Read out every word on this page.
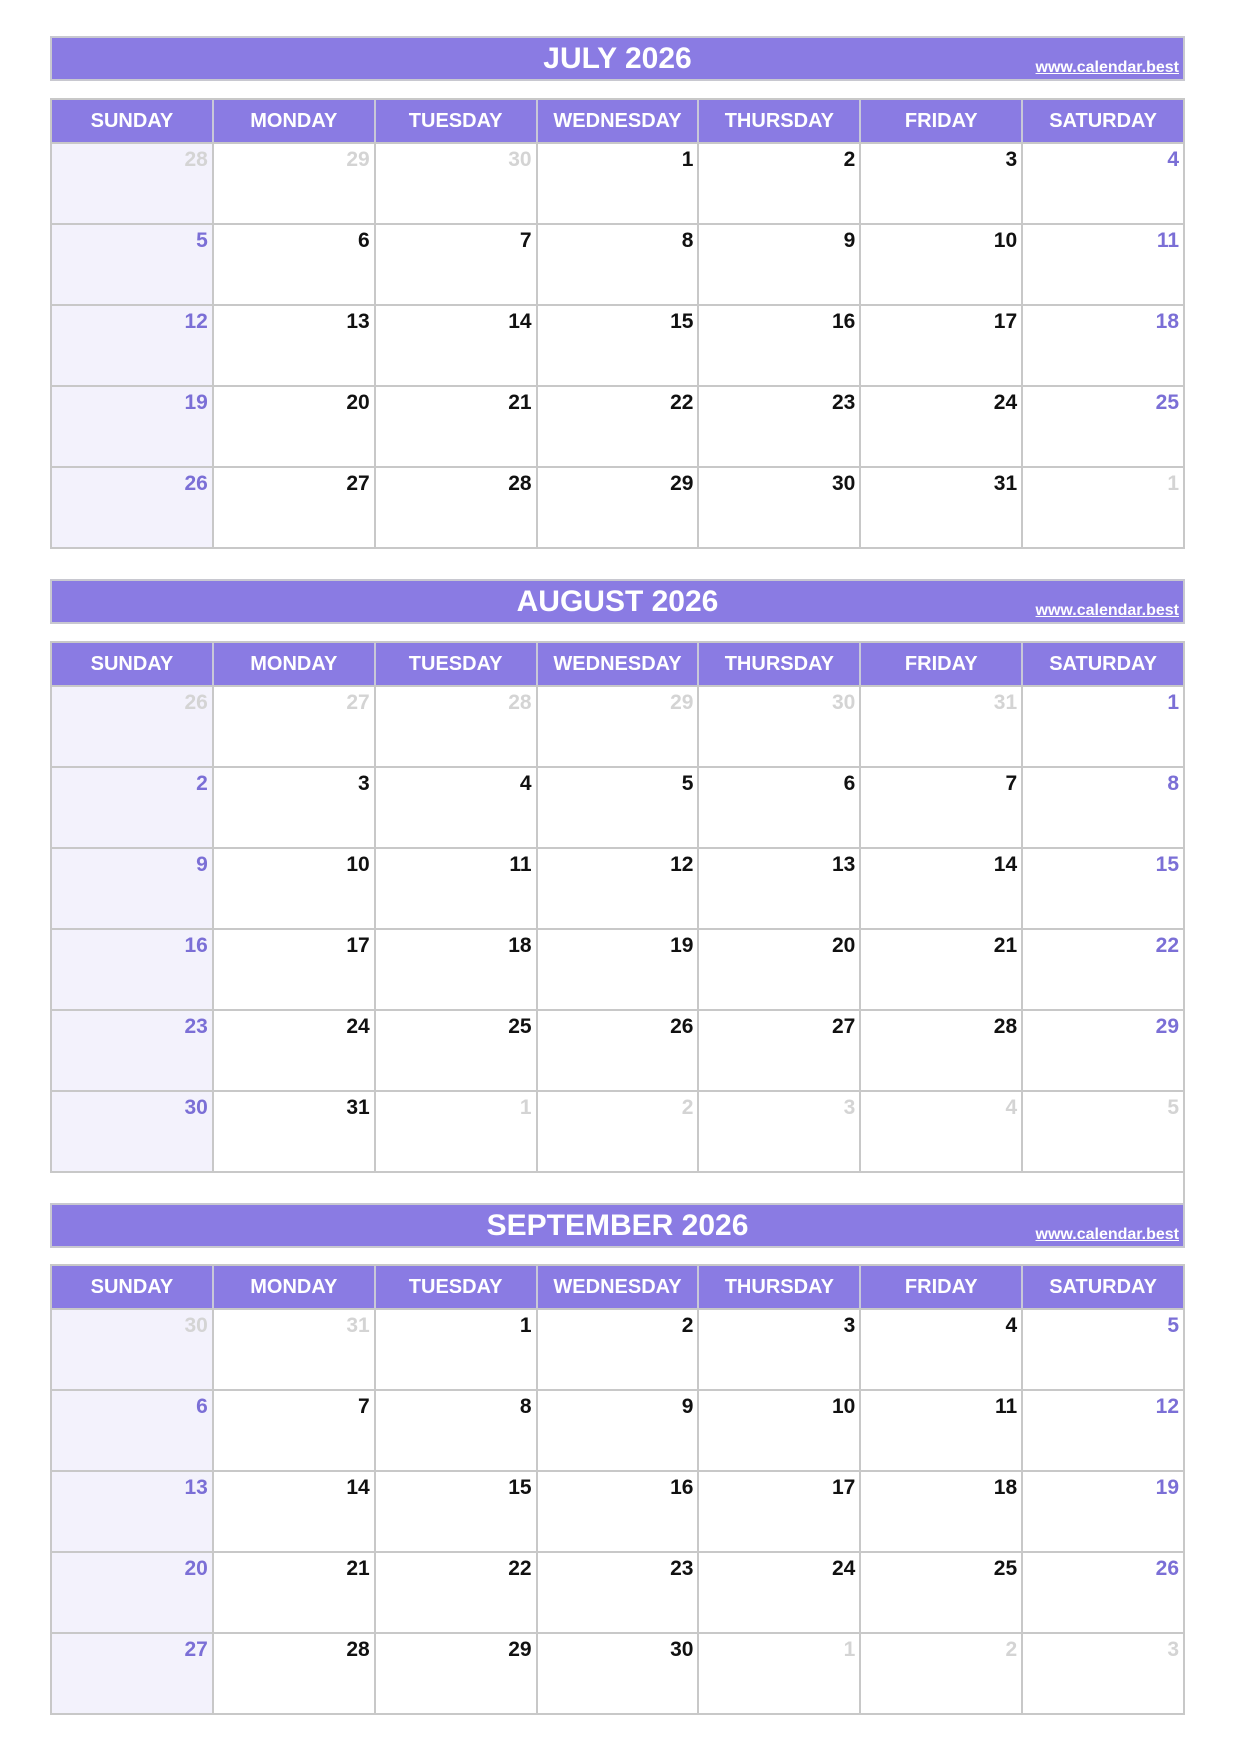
JULY 2026	www.calendar.best
SUNDAY	MONDAY	TUESDAY	WEDNESDAY	THURSDAY	FRIDAY	SATURDAY
28	29	30	1	2	3	4
5	6	7	8	9	10	11
12	13	14	15	16	17	18
19	20	21	22	23	24	25
26	27	28	29	30	31	1
AUGUST 2026	www.calendar.best
SUNDAY	MONDAY	TUESDAY	WEDNESDAY	THURSDAY	FRIDAY	SATURDAY
26	27	28	29	30	31	1
2	3	4	5	6	7	8
9	10	11	12	13	14	15
16	17	18	19	20	21	22
23	24	25	26	27	28	29
30	31	1	2	3	4	5
SEPTEMBER 2026	www.calendar.best
SUNDAY	MONDAY	TUESDAY	WEDNESDAY	THURSDAY	FRIDAY	SATURDAY
30	31	1	2	3	4	5
6	7	8	9	10	11	12
13	14	15	16	17	18	19
20	21	22	23	24	25	26
27	28	29	30	1	2	3
